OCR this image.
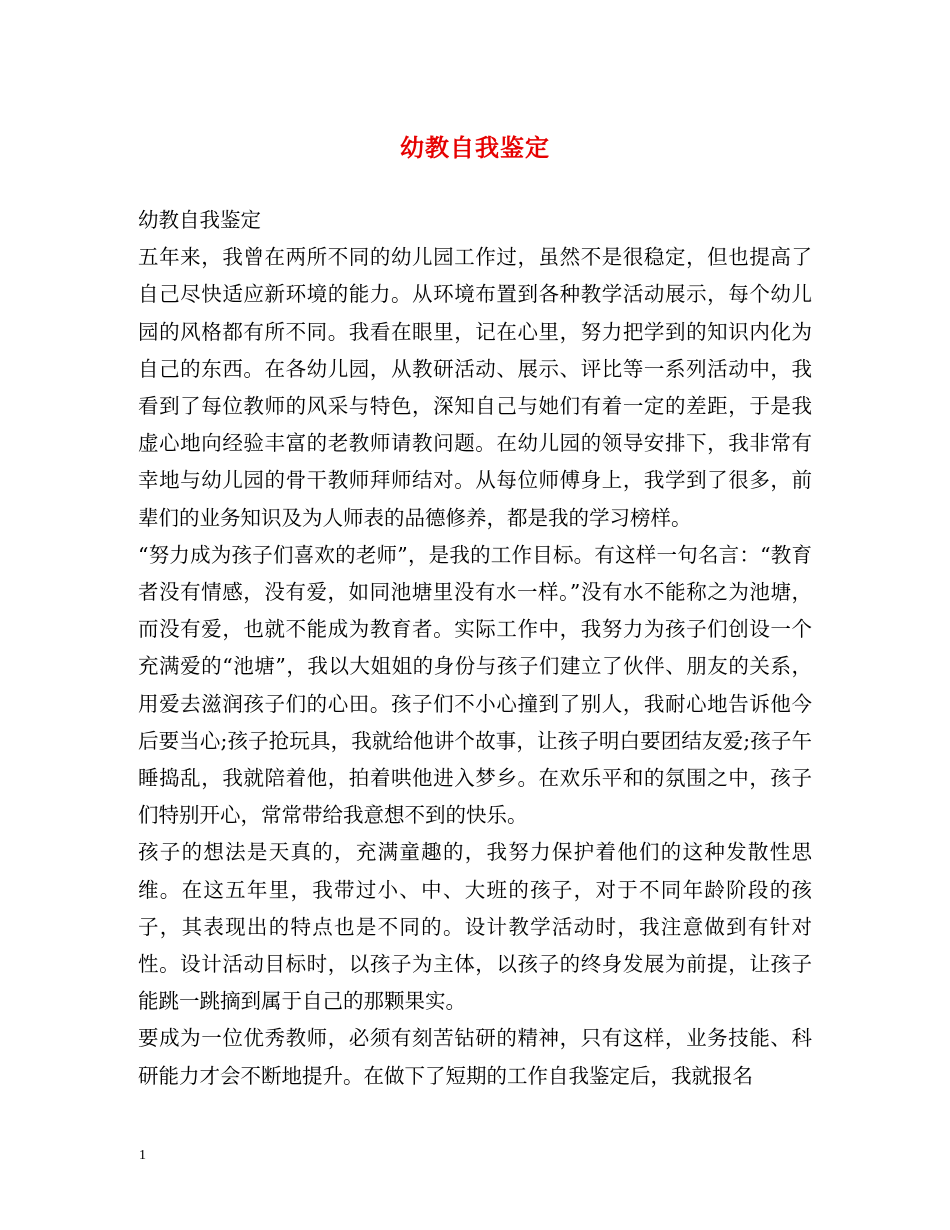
幼教自我鉴定

幼教自我鉴定

五年来，我曾在两所不同的幼儿园工作过，虽然不是很稳定，但也提高了自己尽快适应新环境的能力。从环境布置到各种教学活动展示，每个幼儿园的风格都有所不同。我看在眼里，记在心里，努力把学到的知识内化为自己的东西。在各幼儿园，从教研活动、展示、评比等一系列活动中，我看到了每位教师的风采与特色，深知自己与她们有着一定的差距，于是我虚心地向经验丰富的老教师请教问题。在幼儿园的领导安排下，我非常有幸地与幼儿园的骨干教师拜师结对。从每位师傅身上，我学到了很多，前辈们的业务知识及为人师表的品德修养，都是我的学习榜样。

“努力成为孩子们喜欢的老师”，是我的工作目标。有这样一句名言：“教育者没有情感，没有爱，如同池塘里没有水一样。”没有水不能称之为池塘，而没有爱，也就不能成为教育者。实际工作中，我努力为孩子们创设一个充满爱的“池塘”，我以大姐姐的身份与孩子们建立了伙伴、朋友的关系，用爱去滋润孩子们的心田。孩子们不小心撞到了别人，我耐心地告诉他今后要当心;孩子抢玩具，我就给他讲个故事，让孩子明白要团结友爱;孩子午睡捣乱，我就陪着他，拍着哄他进入梦乡。在欢乐平和的氛围之中，孩子们特别开心，常常带给我意想不到的快乐。

孩子的想法是天真的，充满童趣的，我努力保护着他们的这种发散性思维。在这五年里，我带过小、中、大班的孩子，对于不同年龄阶段的孩子，其表现出的特点也是不同的。设计教学活动时，我注意做到有针对性。设计活动目标时，以孩子为主体，以孩子的终身发展为前提，让孩子能跳一跳摘到属于自己的那颗果实。

要成为一位优秀教师，必须有刻苦钻研的精神，只有这样，业务技能、科研能力才会不断地提升。在做下了短期的工作自我鉴定后，我就报名

1
